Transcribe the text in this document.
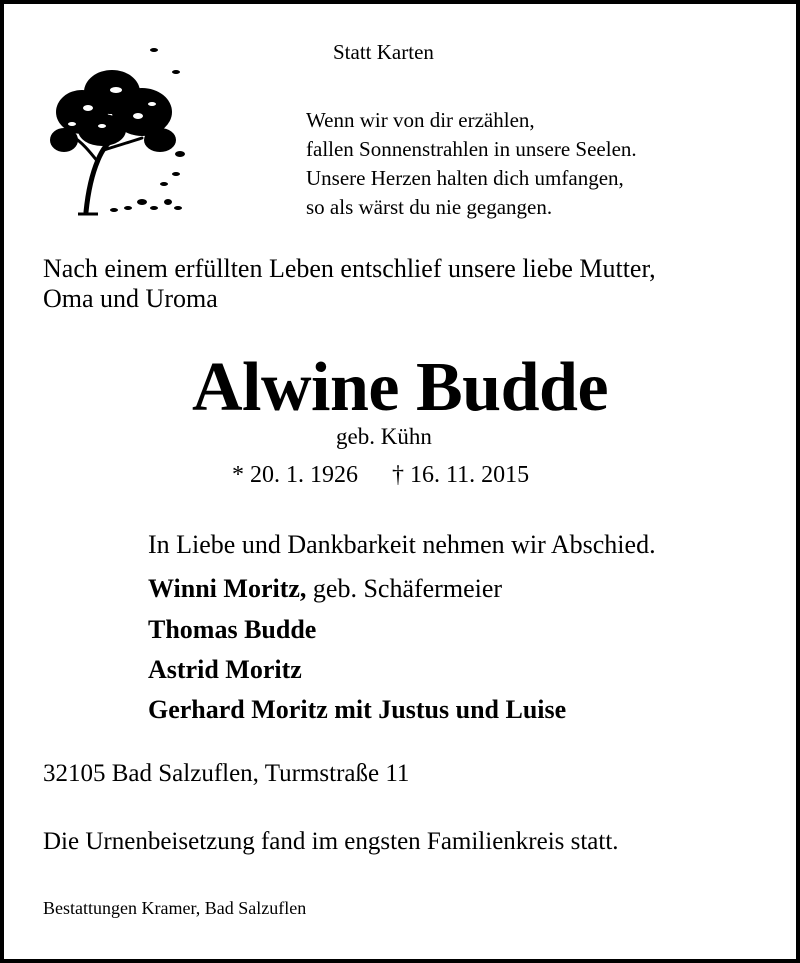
Statt Karten
Wenn wir von dir erzählen,
fallen Sonnenstrahlen in unsere Seelen.
Unsere Herzen halten dich umfangen,
so als wärst du nie gegangen.
Nach einem erfüllten Leben entschlief unsere liebe Mutter,
Oma und Uroma
Alwine Budde
geb. Kühn
* 20. 1. 1926 † 16. 11. 2015
In Liebe und Dankbarkeit nehmen wir Abschied.
Winni Moritz, geb. Schäfermeier
Thomas Budde
Astrid Moritz
Gerhard Moritz mit Justus und Luise
32105 Bad Salzuflen, Turmstraße 11
Die Urnenbeisetzung fand im engsten Familienkreis statt.
Bestattungen Kramer, Bad Salzuflen
